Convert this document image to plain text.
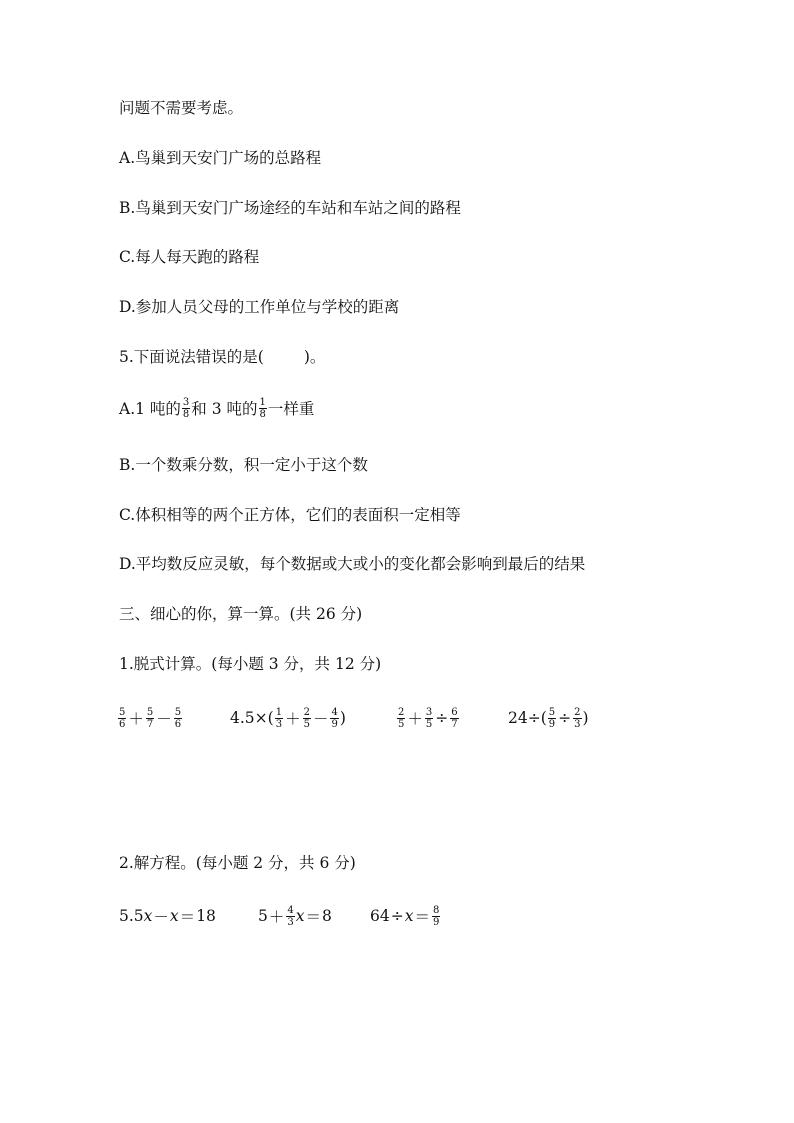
问题不需要考虑。
A.鸟巢到天安门广场的总路程
B.鸟巢到天安门广场途经的车站和车站之间的路程
C.每人每天跑的路程
D.参加人员父母的工作单位与学校的距离
5.下面说法错误的是(	)。
A.1 吨的 $\frac{3}{8}$ 和 3 吨的 $\frac{1}{8}$ 一样重
B.一个数乘分数，积一定小于这个数
C.体积相等的两个正方体，它们的表面积一定相等
D.平均数反应灵敏，每个数据或大或小的变化都会影响到最后的结果
三、细心的你，算一算。(共 26 分)
1.脱式计算。(每小题 3 分，共 12 分)
$\frac{5}{6} + \frac{5}{7} - \frac{5}{6}$	$4.5\times( \frac{1}{3} + \frac{2}{5} - \frac{4}{9}$ )	$\frac{2}{5} + \frac{3}{5} \div \frac{6}{7}$	$24\div( \frac{5}{9} \div \frac{2}{3}$ )
2.解方程。(每小题 2 分，共 6 分)
5.5 x － x ＝ 18	$5 + \frac{4}{3}$ x ＝ 8 $64 \div x = \frac{8}{9}$
